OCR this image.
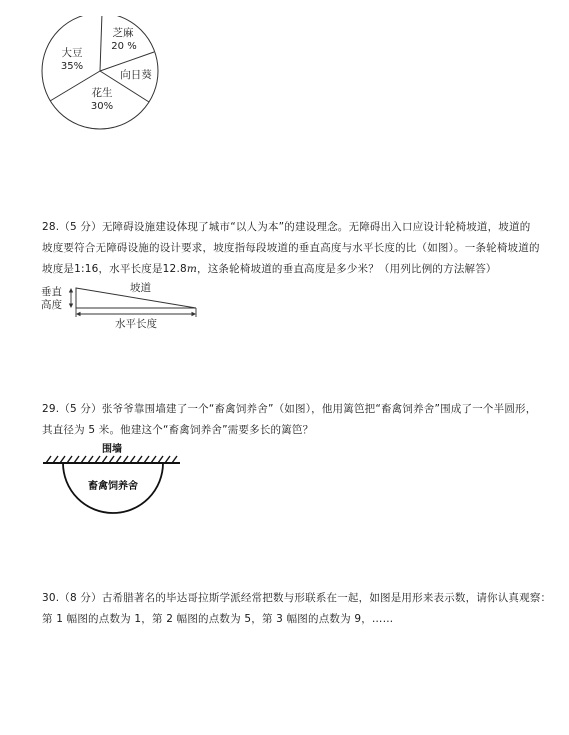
芝麻
20 %
向日葵
花生
30%
大豆
35%
28.（5 分）无障碍设施建设体现了城市“以人为本”的建设理念。无障碍出入口应设计轮椅坡道，坡道的
坡度要符合无障碍设施的设计要求，坡度指每段坡道的垂直高度与水平长度的比（如图）。一条轮椅坡道的
坡度是1:16，水平长度是12.8m，这条轮椅坡道的垂直高度是多少米？（用列比例的方法解答）
垂直
高度
坡道
水平长度
29.（5 分）张爷爷靠围墙建了一个“畜禽饲养舍”（如图），他用篱笆把“畜禽饲养舍”围成了一个半圆形，
其直径为 5 米。他建这个“畜禽饲养舍”需要多长的篱笆？
围墙
畜禽饲养舍
30.（8 分）古希腊著名的毕达哥拉斯学派经常把数与形联系在一起，如图是用形来表示数，请你认真观察：
第 1 幅图的点数为 1，第 2 幅图的点数为 5，第 3 幅图的点数为 9，……
